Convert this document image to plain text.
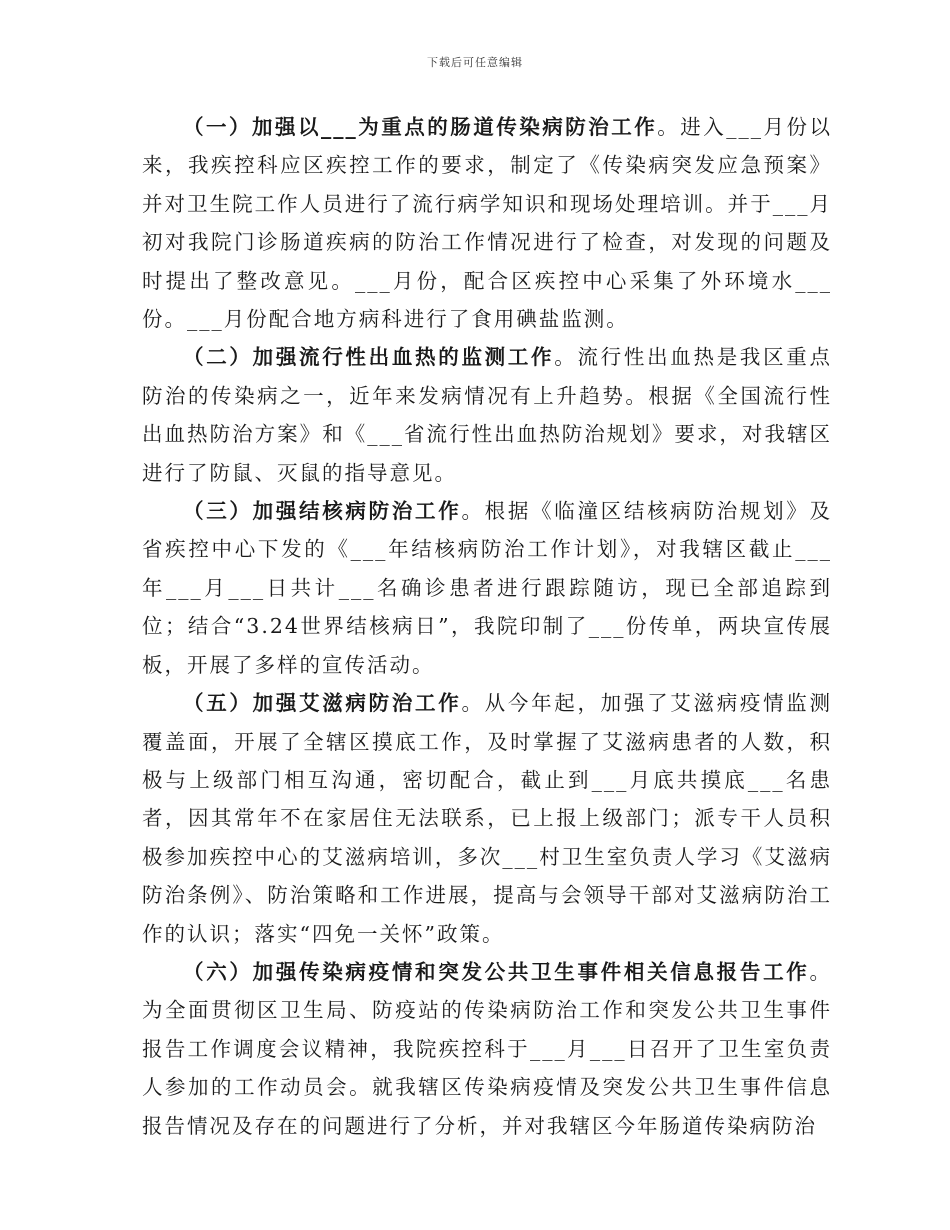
下载后可任意编辑

（一）加强以___为重点的肠道传染病防治工作。进入___月份以来，我疾控科应区疾控工作的要求，制定了《传染病突发应急预案》并对卫生院工作人员进行了流行病学知识和现场处理培训。并于___月初对我院门诊肠道疾病的防治工作情况进行了检查，对发现的问题及时提出了整改意见。___月份，配合区疾控中心采集了外环境水___份。___月份配合地方病科进行了食用碘盐监测。

（二）加强流行性出血热的监测工作。流行性出血热是我区重点防治的传染病之一，近年来发病情况有上升趋势。根据《全国流行性出血热防治方案》和《___省流行性出血热防治规划》要求，对我辖区进行了防鼠、灭鼠的指导意见。

（三）加强结核病防治工作。根据《临潼区结核病防治规划》及省疾控中心下发的《___年结核病防治工作计划》，对我辖区截止___年___月___日共计___名确诊患者进行跟踪随访，现已全部追踪到位；结合“3.24世界结核病日”，我院印制了___份传单，两块宣传展板，开展了多样的宣传活动。

（五）加强艾滋病防治工作。从今年起，加强了艾滋病疫情监测覆盖面，开展了全辖区摸底工作，及时掌握了艾滋病患者的人数，积极与上级部门相互沟通，密切配合，截止到___月底共摸底___名患者，因其常年不在家居住无法联系，已上报上级部门；派专干人员积极参加疾控中心的艾滋病培训，多次___村卫生室负责人学习《艾滋病防治条例》、防治策略和工作进展，提高与会领导干部对艾滋病防治工作的认识；落实“四免一关怀”政策。

（六）加强传染病疫情和突发公共卫生事件相关信息报告工作。为全面贯彻区卫生局、防疫站的传染病防治工作和突发公共卫生事件报告工作调度会议精神，我院疾控科于___月___日召开了卫生室负责人参加的工作动员会。就我辖区传染病疫情及突发公共卫生事件信息报告情况及存在的问题进行了分析，并对我辖区今年肠道传染病防治
